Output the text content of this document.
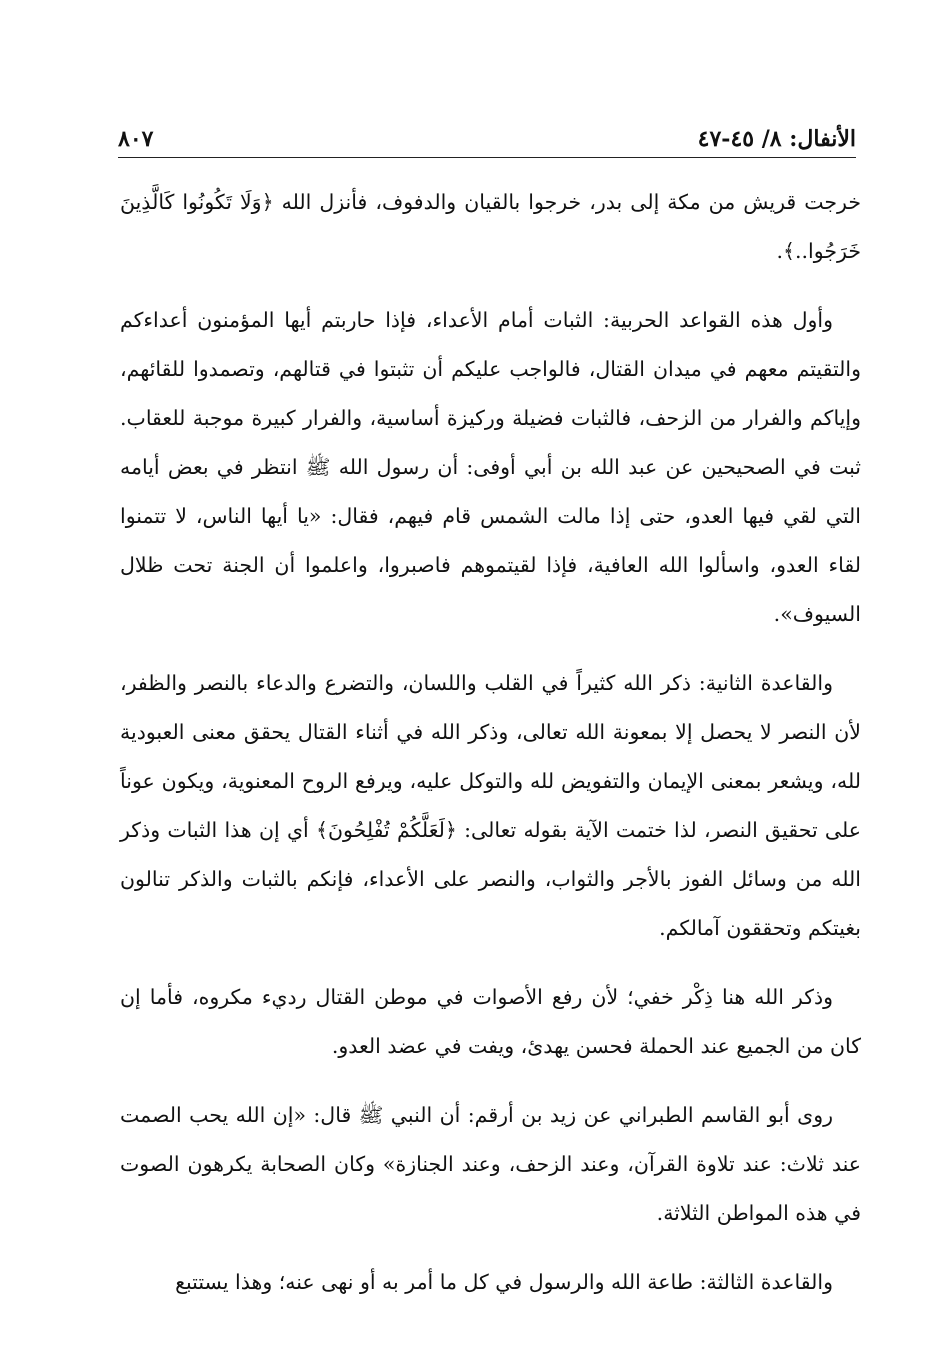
٨٠٧	الأنفال: ٨/ ٤٥-٤٧

خرجت قريش من مكة إلى بدر، خرجوا بالقيان والدفوف، فأنزل الله ﴿وَلَا تَكُونُوا كَالَّذِينَ خَرَجُوا..﴾.

وأول هذه القواعد الحربية: الثبات أمام الأعداء، فإذا حاربتم أيها المؤمنون أعداءكم والتقيتم معهم في ميدان القتال، فالواجب عليكم أن تثبتوا في قتالهم، وتصمدوا للقائهم، وإياكم والفرار من الزحف، فالثبات فضيلة وركيزة أساسية، والفرار كبيرة موجبة للعقاب. ثبت في الصحيحين عن عبد الله بن أبي أوفى: أن رسول الله ﷺ انتظر في بعض أيامه التي لقي فيها العدو، حتى إذا مالت الشمس قام فيهم، فقال: «يا أيها الناس، لا تتمنوا لقاء العدو، واسألوا الله العافية، فإذا لقيتموهم فاصبروا، واعلموا أن الجنة تحت ظلال السيوف».

والقاعدة الثانية: ذكر الله كثيراً في القلب واللسان، والتضرع والدعاء بالنصر والظفر، لأن النصر لا يحصل إلا بمعونة الله تعالى، وذكر الله في أثناء القتال يحقق معنى العبودية لله، ويشعر بمعنى الإيمان والتفويض لله والتوكل عليه، ويرفع الروح المعنوية، ويكون عوناً على تحقيق النصر، لذا ختمت الآية بقوله تعالى: ﴿لَعَلَّكُمْ تُفْلِحُونَ﴾ أي إن هذا الثبات وذكر الله من وسائل الفوز بالأجر والثواب، والنصر على الأعداء، فإنكم بالثبات والذكر تنالون بغيتكم وتحققون آمالكم.

وذكر الله هنا ذِكْر خفي؛ لأن رفع الأصوات في موطن القتال رديء مكروه، فأما إن كان من الجميع عند الحملة فحسن يهدئ، ويفت في عضد العدو.

روى أبو القاسم الطبراني عن زيد بن أرقم: أن النبي ﷺ قال: «إن الله يحب الصمت عند ثلاث: عند تلاوة القرآن، وعند الزحف، وعند الجنازة» وكان الصحابة يكرهون الصوت في هذه المواطن الثلاثة.

والقاعدة الثالثة: طاعة الله والرسول في كل ما أمر به أو نهى عنه؛ وهذا يستتبع
